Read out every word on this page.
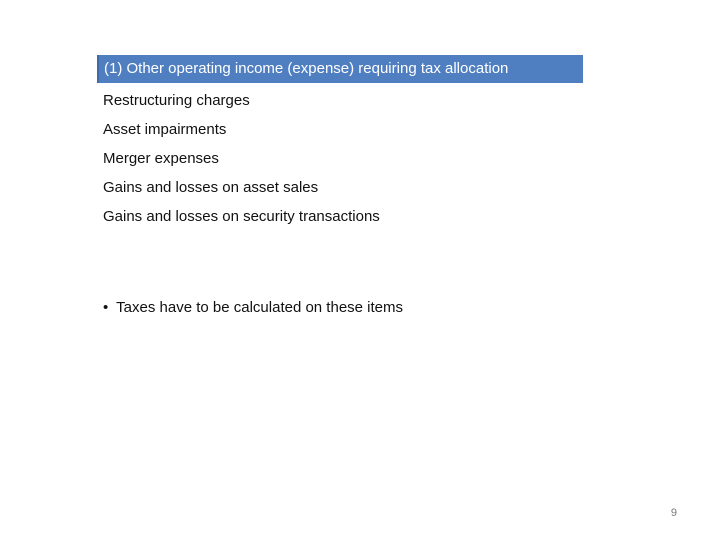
(1) Other operating income (expense) requiring tax allocation
Restructuring charges
Asset impairments
Merger expenses
Gains and losses on asset sales
Gains and losses on security transactions
• Taxes have to be calculated on these items
9
